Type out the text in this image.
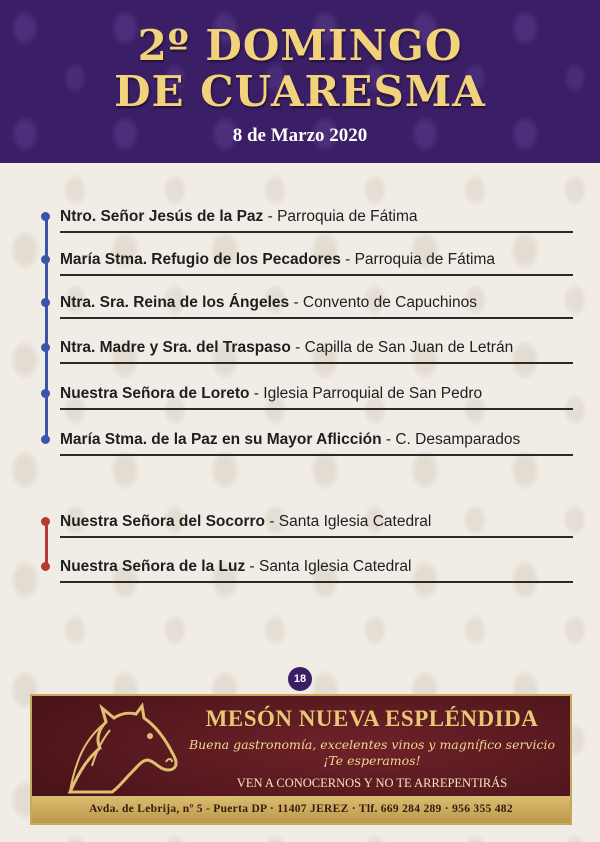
2º DOMINGO
DE CUARESMA
8 de Marzo 2020
Ntro. Señor Jesús de la Paz - Parroquia de Fátima
María Stma. Refugio de los Pecadores - Parroquia de Fátima
Ntra. Sra. Reina de los Ángeles - Convento de Capuchinos
Ntra. Madre y Sra. del Traspaso - Capilla de San Juan de Letrán
Nuestra Señora de Loreto - Iglesia Parroquial de San Pedro
María Stma. de la Paz en su Mayor Aflicción - C. Desamparados
Nuestra Señora del Socorro - Santa Iglesia Catedral
Nuestra Señora de la Luz - Santa Iglesia Catedral
18
MESÓN NUEVA ESPLÉNDIDA
Buena gastronomía, excelentes vinos y magnífico servicio
¡Te esperamos!
VEN A CONOCERNOS Y NO TE ARREPENTIRÁS
Avda. de Lebrija, nº 5 - Puerta DP · 11407 JEREZ · Tlf. 669 284 289 · 956 355 482
